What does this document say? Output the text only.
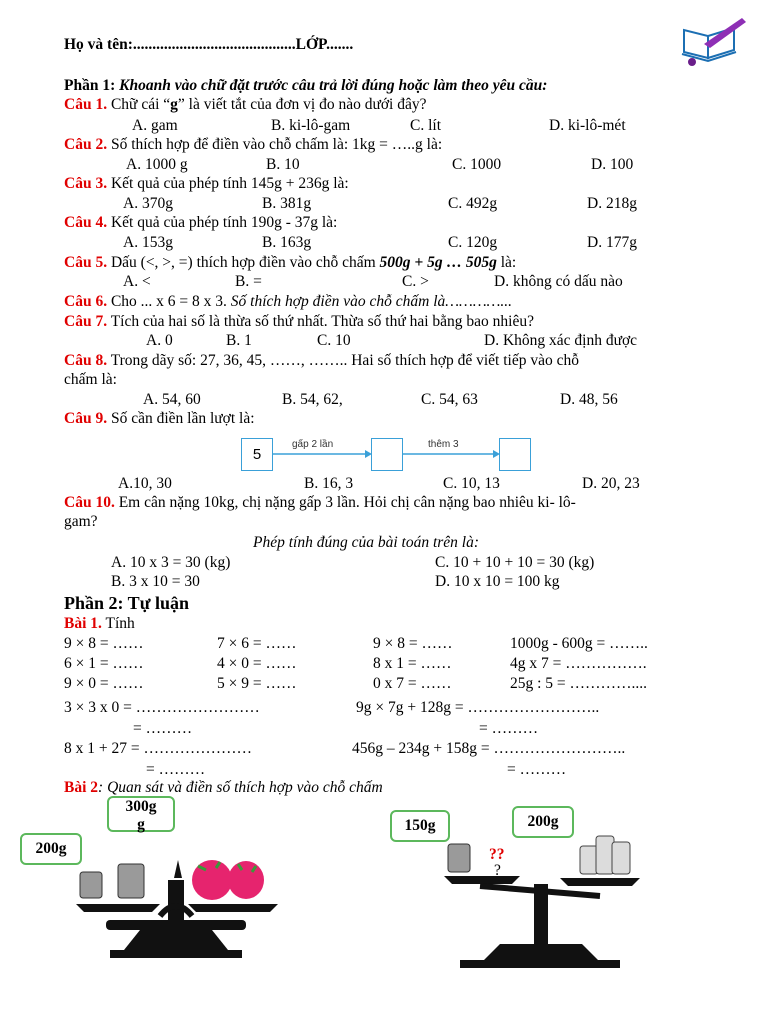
Họ và tên:..........................................LỚP.......
Phần 1: Khoanh vào chữ đặt trước câu trả lời đúng hoặc làm theo yêu cầu:
Câu 1. Chữ cái “g” là viết tắt của đơn vị đo nào dưới đây?
A. gam	B. ki-lô-gam	C. lít	D. ki-lô-mét
Câu 2. Số thích hợp để điền vào chỗ chấm là: 1kg = …..g là:
A. 1000 g	B. 10	C. 1000	D. 100
Câu 3. Kết quả của phép tính 145g + 236g là:
A. 370g	B. 381g	C. 492g	D. 218g
Câu 4. Kết quả của phép tính 190g - 37g là:
A. 153g	B. 163g	C. 120g	D. 177g
Câu 5. Dấu (<, >, =) thích hợp điền vào chỗ chấm 500g + 5g … 505g là:
A. <	B. =	C. >	D. không có dấu nào
Câu 6. Cho ... x 6 = 8 x 3. Số thích hợp điền vào chỗ chấm là…………...
Câu 7. Tích của hai số là thừa số thứ nhất. Thừa số thứ hai bằng bao nhiêu?
A. 0	B. 1	C. 10	D. Không xác định được
Câu 8. Trong dãy số: 27, 36, 45, ……, …….. Hai số thích hợp để viết tiếp vào chỗ
chấm là:
A. 54, 60	B. 54, 62,	C. 54, 63	D. 48, 56
Câu 9. Số cần điền lần lượt là:
5
gấp 2 lần	thêm 3
A.10, 30	B. 16, 3	C. 10, 13	D. 20, 23
Câu 10. Em cân nặng 10kg, chị nặng gấp 3 lần. Hỏi chị cân nặng bao nhiêu ki- lô-
gam?
Phép tính đúng của bài toán trên là:
A. 10 x 3 = 30 (kg)	C. 10 + 10 + 10 = 30 (kg)
B. 3 x 10 = 30	D. 10 x 10 = 100 kg
Phần 2: Tự luận
Bài 1. Tính
9 × 8 = ……	7 × 6 = ……	9 × 8 = ……	1000g - 600g = ……..
6 × 1 = ……	4 × 0 = ……	8 x 1 = ……	4g x 7 = …………….
9 × 0 = ……	5 × 9 = ……	0 x 7 = ……	25g : 5 = …………....
3 × 3 x 0 = ……………………
= ………
9g × 7g + 128g = ……………………..
= ………
8 x 1 + 27 = …………………
= ………
456g – 234g + 158g = ……………………..
= ………
Bài 2: Quan sát và điền số thích hợp vào chỗ chấm
300g
g
200g
150g	200g
??
?
